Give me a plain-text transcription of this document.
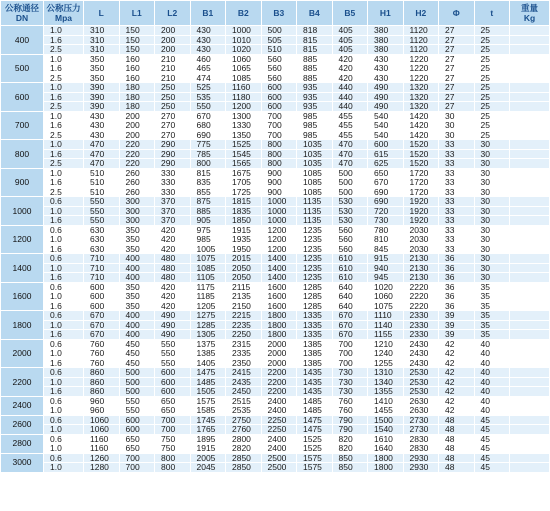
公称通径
DN	公称压力
Mpa	L	L1	L2	B1	B2	B3	B4	B5	H1	H2	Φ	t	重量
Kg

400	1.0	310	150	200	430	1000	500	818	405	380	1120	27	25	
	1.6	310	150	200	430	1010	505	815	405	380	1120	27	25	
	2.5	310	150	200	430	1020	510	815	405	380	1120	27	25	
500	1.0	350	160	210	460	1060	560	885	420	430	1220	27	25	
	1.6	350	160	210	465	1065	560	885	420	430	1220	27	25	
	2.5	350	160	210	474	1085	560	885	420	430	1220	27	25	
600	1.0	390	180	250	525	1160	600	935	440	490	1320	27	25	
	1.6	390	180	250	535	1180	600	935	440	490	1320	27	25	
	2.5	390	180	250	550	1200	600	935	440	490	1320	27	25	
700	1.0	430	200	270	670	1300	700	985	455	540	1420	30	25	
	1.6	430	200	270	680	1330	700	985	455	540	1420	30	25	
	2.5	430	200	270	690	1350	700	985	455	540	1420	30	25	
800	1.0	470	220	290	775	1525	800	1035	470	600	1520	33	30	
	1.6	470	220	290	785	1545	800	1035	470	615	1520	33	30	
	2.5	470	220	290	800	1565	800	1035	470	625	1520	33	30	
900	1.0	510	260	330	815	1675	900	1085	500	650	1720	33	30	
	1.6	510	260	330	835	1705	900	1085	500	670	1720	33	30	
	2.5	510	260	330	855	1725	900	1085	500	690	1720	33	30	
1000	0.6	550	300	370	875	1815	1000	1135	530	690	1920	33	30	
	1.0	550	300	370	885	1835	1000	1135	530	720	1920	33	30	
	1.6	550	300	370	905	1850	1000	1135	530	730	1920	33	30	
1200	0.6	630	350	420	975	1915	1200	1235	560	780	2030	33	30	
	1.0	630	350	420	985	1935	1200	1235	560	810	2030	33	30	
	1.6	630	350	420	1005	1950	1200	1235	560	845	2030	33	30	
1400	0.6	710	400	480	1075	2015	1400	1235	610	915	2130	36	30	
	1.0	710	400	480	1085	2050	1400	1235	610	940	2130	36	30	
	1.6	710	400	480	1105	2050	1400	1235	610	945	2130	36	30	
1600	0.6	600	350	420	1175	2115	1600	1285	640	1020	2220	36	35	
	1.0	600	350	420	1185	2135	1600	1285	640	1060	2220	36	35	
	1.6	600	350	420	1205	2150	1600	1285	640	1075	2220	36	35	
1800	0.6	670	400	490	1275	2215	1800	1335	670	1110	2330	39	35	
	1.0	670	400	490	1285	2235	1800	1335	670	1140	2330	39	35	
	1.6	670	400	490	1305	2250	1800	1335	670	1155	2330	39	35	
2000	0.6	760	450	550	1375	2315	2000	1385	700	1210	2430	42	40	
	1.0	760	450	550	1385	2335	2000	1385	700	1240	2430	42	40	
	1.6	760	450	550	1405	2350	2000	1385	700	1255	2430	42	40	
2200	0.6	860	500	600	1475	2415	2200	1435	730	1310	2530	42	40	
	1.0	860	500	600	1485	2435	2200	1435	730	1340	2530	42	40	
	1.6	860	500	600	1505	2450	2200	1435	730	1355	2530	42	40	
2400	0.6	960	550	650	1575	2515	2400	1485	760	1410	2630	42	40	
	1.0	960	550	650	1585	2535	2400	1485	760	1455	2630	42	40	
2600	0.6	1060	600	700	1745	2750	2250	1475	790	1500	2730	48	45	
	1.0	1060	600	700	1765	2760	2250	1475	790	1540	2730	48	45	
2800	0.6	1160	650	750	1895	2800	2400	1525	820	1610	2830	48	45	
	1.0	1160	650	750	1915	2820	2400	1525	820	1640	2830	48	45	
3000	0.6	1260	700	800	2005	2850	2500	1575	850	1800	2930	48	45	
	1.0	1280	700	800	2045	2850	2500	1575	850	1800	2930	48	45	
